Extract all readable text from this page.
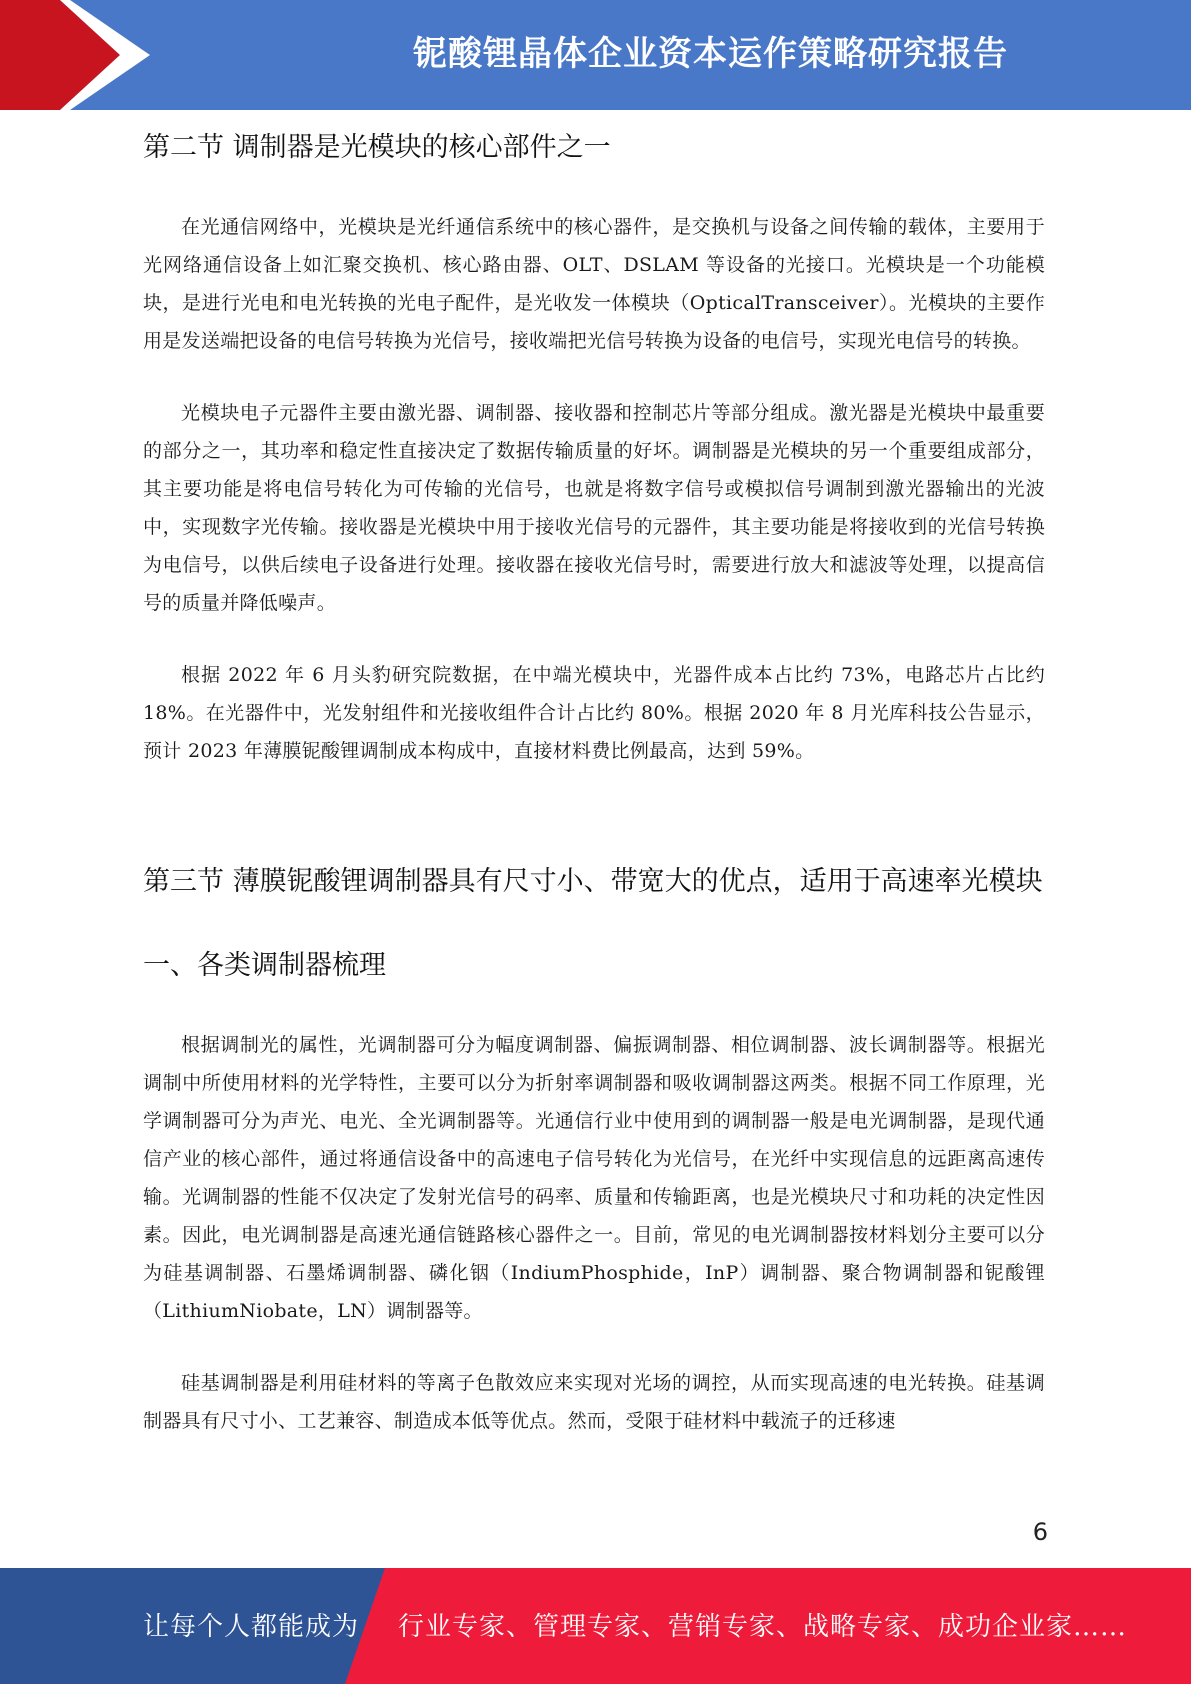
铌酸锂晶体企业资本运作策略研究报告
第二节 调制器是光模块的核心部件之一

在光通信网络中，光模块是光纤通信系统中的核心器件，是交换机与设备之间传输的载体，主要用于光网络通信设备上如汇聚交换机、核心路由器、OLT、DSLAM 等设备的光接口。光模块是一个功能模块，是进行光电和电光转换的光电子配件，是光收发一体模块（OpticalTransceiver）。光模块的主要作用是发送端把设备的电信号转换为光信号，接收端把光信号转换为设备的电信号，实现光电信号的转换。

光模块电子元器件主要由激光器、调制器、接收器和控制芯片等部分组成。激光器是光模块中最重要的部分之一，其功率和稳定性直接决定了数据传输质量的好坏。调制器是光模块的另一个重要组成部分，其主要功能是将电信号转化为可传输的光信号，也就是将数字信号或模拟信号调制到激光器输出的光波中，实现数字光传输。接收器是光模块中用于接收光信号的元器件，其主要功能是将接收到的光信号转换为电信号，以供后续电子设备进行处理。接收器在接收光信号时，需要进行放大和滤波等处理，以提高信号的质量并降低噪声。

根据 2022 年 6 月头豹研究院数据，在中端光模块中，光器件成本占比约 73%，电路芯片占比约 18%。在光器件中，光发射组件和光接收组件合计占比约 80%。根据 2020 年 8 月光库科技公告显示，预计 2023 年薄膜铌酸锂调制成本构成中，直接材料费比例最高，达到 59%。

第三节 薄膜铌酸锂调制器具有尺寸小、带宽大的优点，适用于高速率光模块
一、各类调制器梳理

根据调制光的属性，光调制器可分为幅度调制器、偏振调制器、相位调制器、波长调制器等。根据光调制中所使用材料的光学特性，主要可以分为折射率调制器和吸收调制器这两类。根据不同工作原理，光学调制器可分为声光、电光、全光调制器等。光通信行业中使用到的调制器一般是电光调制器，是现代通信产业的核心部件，通过将通信设备中的高速电子信号转化为光信号，在光纤中实现信息的远距离高速传输。光调制器的性能不仅决定了发射光信号的码率、质量和传输距离，也是光模块尺寸和功耗的决定性因素。因此，电光调制器是高速光通信链路核心器件之一。目前，常见的电光调制器按材料划分主要可以分为硅基调制器、石墨烯调制器、磷化铟（IndiumPhosphide，InP）调制器、聚合物调制器和铌酸锂（LithiumNiobate，LN）调制器等。

硅基调制器是利用硅材料的等离子色散效应来实现对光场的调控，从而实现高速的电光转换。硅基调制器具有尺寸小、工艺兼容、制造成本低等优点。然而，受限于硅材料中载流子的迁移速

6
让每个人都能成为 行业专家、管理专家、营销专家、战略专家、成功企业家……
